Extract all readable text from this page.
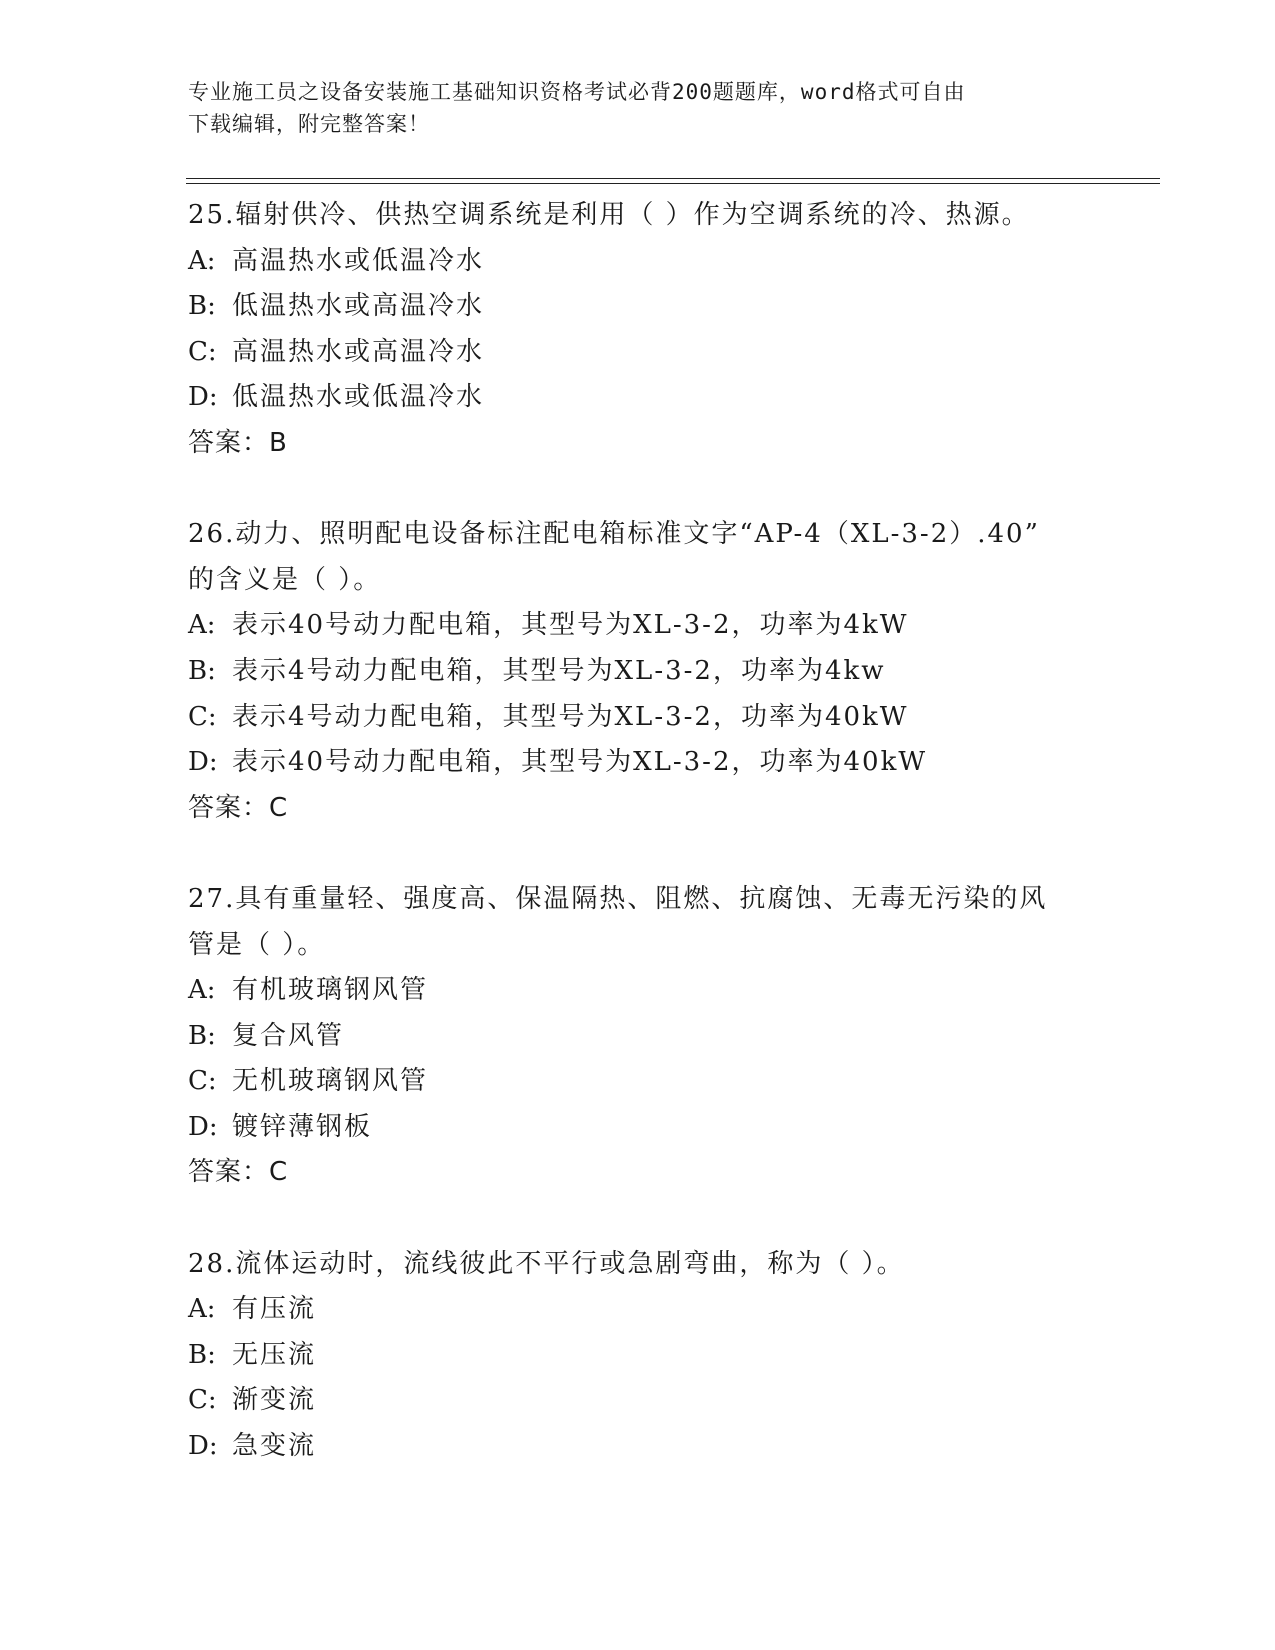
专业施工员之设备安装施工基础知识资格考试必背200题题库，word格式可自由
下载编辑，附完整答案！
25.辐射供冷、供热空调系统是利用（ ）作为空调系统的冷、热源。
A: 高温热水或低温冷水
B: 低温热水或高温冷水
C: 高温热水或高温冷水
D: 低温热水或低温冷水
答案：B
26.动力、照明配电设备标注配电箱标准文字“AP-4（XL-3-2）.40”
的含义是（ ）。
A: 表示40号动力配电箱，其型号为XL-3-2，功率为4kW
B: 表示4号动力配电箱，其型号为XL-3-2，功率为4kw
C: 表示4号动力配电箱，其型号为XL-3-2，功率为40kW
D: 表示40号动力配电箱，其型号为XL-3-2，功率为40kW
答案：C
27.具有重量轻、强度高、保温隔热、阻燃、抗腐蚀、无毒无污染的风
管是（ ）。
A: 有机玻璃钢风管
B: 复合风管
C: 无机玻璃钢风管
D: 镀锌薄钢板
答案：C
28.流体运动时，流线彼此不平行或急剧弯曲，称为（ ）。
A: 有压流
B: 无压流
C: 渐变流
D: 急变流
